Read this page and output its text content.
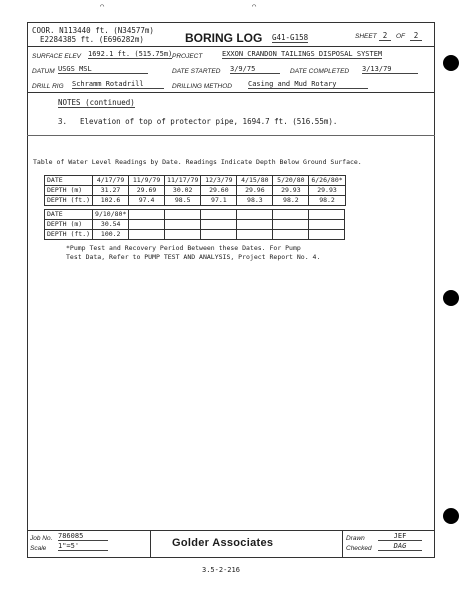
⌒	⌒
COOR. N113440 ft. (N34577m)
E2284385 ft. (E696282m)	BORING LOG G41-G158	SHEET 2	OF	2
SURFACE ELEV 1692.1 ft. (515.75m) PROJECT	EXXON CRANDON TAILINGS DISPOSAL SYSTEM
DATUM USGS MSL	DATE STARTED 3/9/75	DATE COMPLETED 3/13/79
DRILL RIG Schramm Rotadrill	DRILLING METHOD Casing and Mud Rotary
NOTES (continued)
3. Elevation of top of protector pipe, 1694.7 ft. (516.55m).
Table of Water Level Readings by Date. Readings Indicate Depth Below Ground Surface.
DATE	4/17/79	11/9/79	11/17/79	12/3/79	4/15/80	5/20/80	6/26/80*
DEPTH (m)	31.27	29.69	30.02	29.60	29.96	29.93	29.93
DEPTH (ft.)	102.6	97.4	98.5	97.1	98.3	98.2	98.2
DATE	9/10/80*						
DEPTH (m)	30.54						
DEPTH (ft.)	100.2						
*Pump Test and Recovery Period Between these Dates. For Pump
Test Data, Refer to PUMP TEST AND ANALYSIS, Project Report No. 4.
Job No. 786085
Scale 1"=5'	Golder Associates	Drawn	JEF
Checked	DAG
3.5-2-216
